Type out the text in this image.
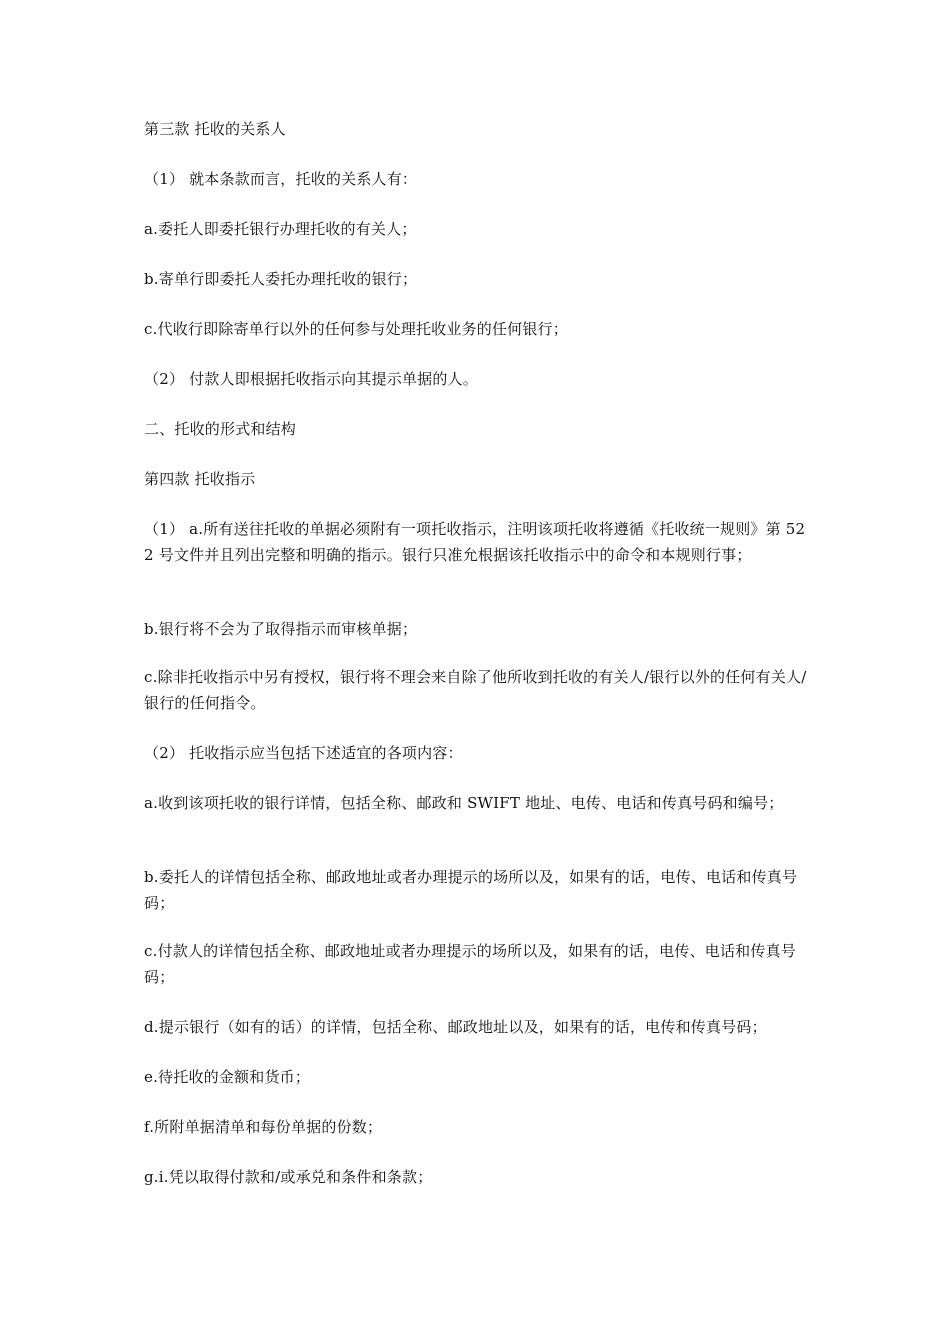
第三款 托收的关系人

（1） 就本条款而言，托收的关系人有：

a.委托人即委托银行办理托收的有关人；

b.寄单行即委托人委托办理托收的银行；

c.代收行即除寄单行以外的任何参与处理托收业务的任何银行；

（2） 付款人即根据托收指示向其提示单据的人。

二、托收的形式和结构

第四款 托收指示

（1） a.所有送往托收的单据必须附有一项托收指示，注明该项托收将遵循《托收统一规则》第 522 号文件并且列出完整和明确的指示。银行只准允根据该托收指示中的命令和本规则行事；

b.银行将不会为了取得指示而审核单据；

c.除非托收指示中另有授权，银行将不理会来自除了他所收到托收的有关人/银行以外的任何有关人/银行的任何指令。

（2） 托收指示应当包括下述适宜的各项内容：

a.收到该项托收的银行详情，包括全称、邮政和 SWIFT 地址、电传、电话和传真号码和编号；

b.委托人的详情包括全称、邮政地址或者办理提示的场所以及，如果有的话，电传、电话和传真号码；

c.付款人的详情包括全称、邮政地址或者办理提示的场所以及，如果有的话，电传、电话和传真号码；

d.提示银行（如有的话）的详情，包括全称、邮政地址以及，如果有的话，电传和传真号码；

e.待托收的金额和货币；

f.所附单据清单和每份单据的份数；

g.i.凭以取得付款和/或承兑和条件和条款；
